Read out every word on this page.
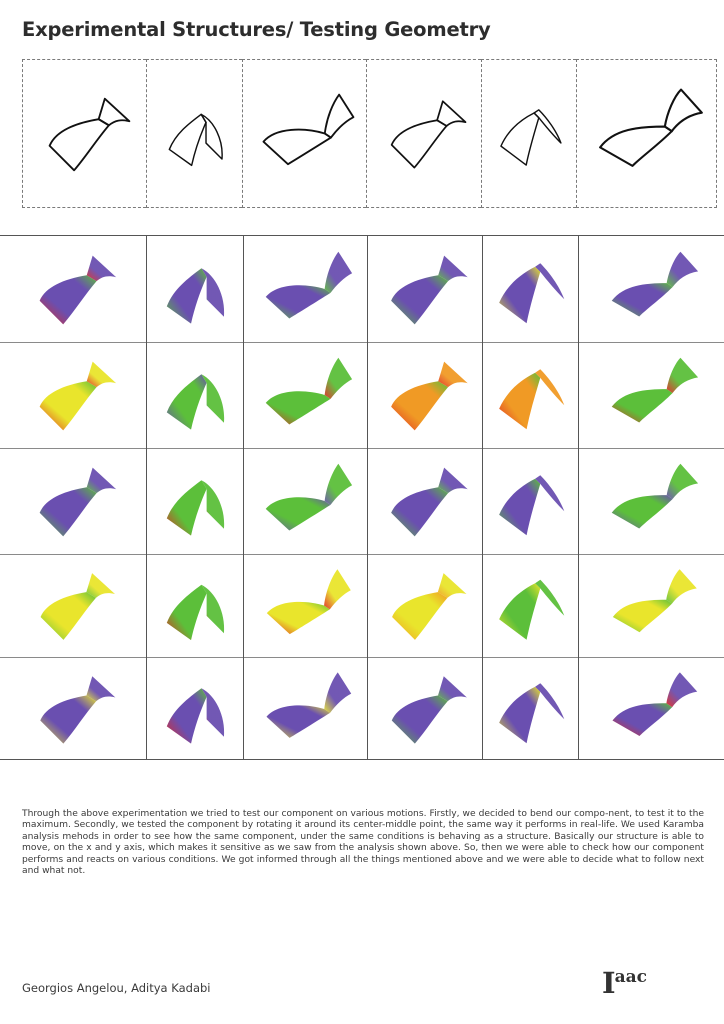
Experimental Structures/ Testing Geometry
Through the above experimentation we tried to test our component on various motions. Firstly, we decided to bend our compo-nent, to test it to the maximum. Secondly, we tested the component by rotating it around its center-middle point, the same way it performs in real-life. We used Karamba analysis mehods in order to see how the same component, under the same conditions is behaving as a structure. Basically our structure is able to move, on the x and y axis, which makes it sensitive as we saw from the analysis shown above. So, then we were able to check how our component performs and reacts on various conditions. We got informed through all the things mentioned above and we were able to decide what to follow next and what not.
Georgios Angelou, Aditya Kadabi	Iaac
